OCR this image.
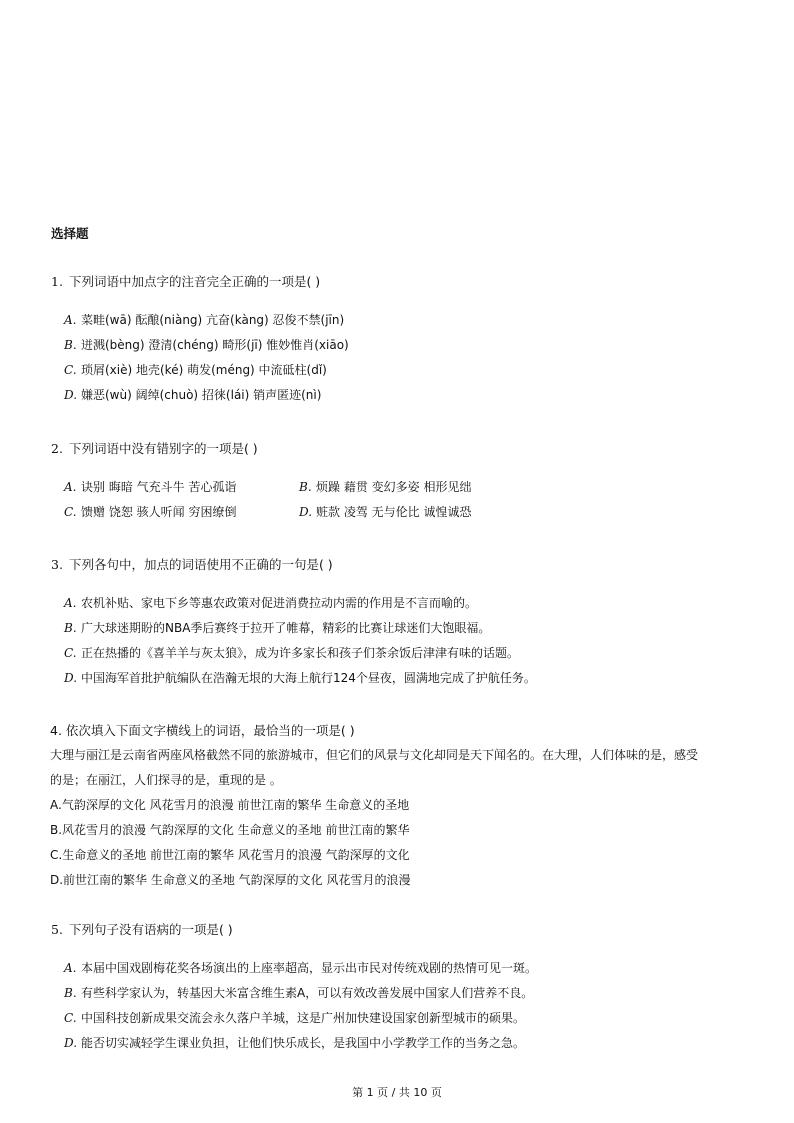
选择题
1. 下列词语中加点字的注音完全正确的一项是( )
A. 菜畦(wā) 酝酿(niàng) 亢奋(kàng) 忍俊不禁(jīn)
B. 迸溅(bèng) 澄清(chéng) 畸形(jī) 惟妙惟肖(xiāo)
C. 琐屑(xiè) 地壳(ké) 萌发(méng) 中流砥柱(dǐ)
D. 嫌恶(wù) 阔绰(chuò) 招徕(lái) 销声匿迹(nì)
2. 下列词语中没有错别字的一项是( )
A. 诀别 晦暗 气充斗牛 苦心孤诣	B. 烦躁 藉贯 变幻多姿 相形见绌
C. 馈赠 饶恕 骇人听闻 穷困缭倒	D. 赃款 凌驾 无与伦比 诚惶诚恐
3. 下列各句中，加点的词语使用不正确的一句是( )
A. 农机补贴、家电下乡等惠农政策对促进消费拉动内需的作用是不言而喻的。
B. 广大球迷期盼的NBA季后赛终于拉开了帷幕，精彩的比赛让球迷们大饱眼福。
C. 正在热播的《喜羊羊与灰太狼》，成为许多家长和孩子们茶余饭后津津有味的话题。
D. 中国海军首批护航编队在浩瀚无垠的大海上航行124个昼夜，圆满地完成了护航任务。
4. 依次填入下面文字横线上的词语，最恰当的一项是( )
大理与丽江是云南省两座风格截然不同的旅游城市，但它们的风景与文化却同是天下闻名的。在大理，人们体味的是，感受
的是；在丽江，人们探寻的是，重现的是 。
A.气韵深厚的文化 风花雪月的浪漫 前世江南的繁华 生命意义的圣地
B.风花雪月的浪漫 气韵深厚的文化 生命意义的圣地 前世江南的繁华
C.生命意义的圣地 前世江南的繁华 风花雪月的浪漫 气韵深厚的文化
D.前世江南的繁华 生命意义的圣地 气韵深厚的文化 风花雪月的浪漫
5. 下列句子没有语病的一项是( )
A. 本届中国戏剧梅花奖各场演出的上座率超高，显示出市民对传统戏剧的热情可见一斑。
B. 有些科学家认为，转基因大米富含维生素A，可以有效改善发展中国家人们营养不良。
C. 中国科技创新成果交流会永久落户羊城，这是广州加快建设国家创新型城市的硕果。
D. 能否切实减轻学生课业负担，让他们快乐成长，是我国中小学教学工作的当务之急。
第 1 页 / 共 10 页
